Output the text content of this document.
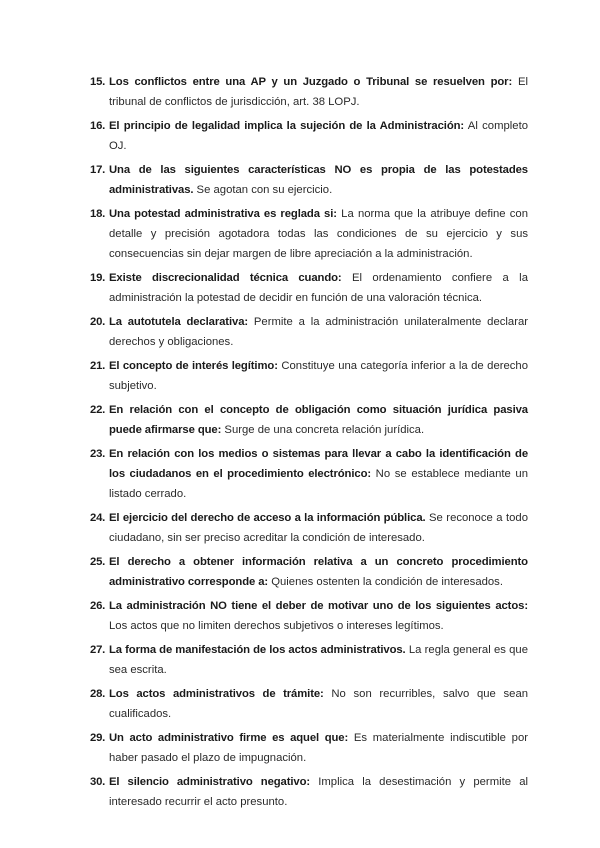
15. Los conflictos entre una AP y un Juzgado o Tribunal se resuelven por: El tribunal de conflictos de jurisdicción, art. 38 LOPJ.
16. El principio de legalidad implica la sujeción de la Administración: Al completo OJ.
17. Una de las siguientes características NO es propia de las potestades administrativas. Se agotan con su ejercicio.
18. Una potestad administrativa es reglada si: La norma que la atribuye define con detalle y precisión agotadora todas las condiciones de su ejercicio y sus consecuencias sin dejar margen de libre apreciación a la administración.
19. Existe discrecionalidad técnica cuando: El ordenamiento confiere a la administración la potestad de decidir en función de una valoración técnica.
20. La autotutela declarativa: Permite a la administración unilateralmente declarar derechos y obligaciones.
21. El concepto de interés legítimo: Constituye una categoría inferior a la de derecho subjetivo.
22. En relación con el concepto de obligación como situación jurídica pasiva puede afirmarse que: Surge de una concreta relación jurídica.
23. En relación con los medios o sistemas para llevar a cabo la identificación de los ciudadanos en el procedimiento electrónico: No se establece mediante un listado cerrado.
24. El ejercicio del derecho de acceso a la información pública. Se reconoce a todo ciudadano, sin ser preciso acreditar la condición de interesado.
25. El derecho a obtener información relativa a un concreto procedimiento administrativo corresponde a: Quienes ostenten la condición de interesados.
26. La administración NO tiene el deber de motivar uno de los siguientes actos: Los actos que no limiten derechos subjetivos o intereses legítimos.
27. La forma de manifestación de los actos administrativos. La regla general es que sea escrita.
28. Los actos administrativos de trámite: No son recurribles, salvo que sean cualificados.
29. Un acto administrativo firme es aquel que: Es materialmente indiscutible por haber pasado el plazo de impugnación.
30. El silencio administrativo negativo: Implica la desestimación y permite al interesado recurrir el acto presunto.
